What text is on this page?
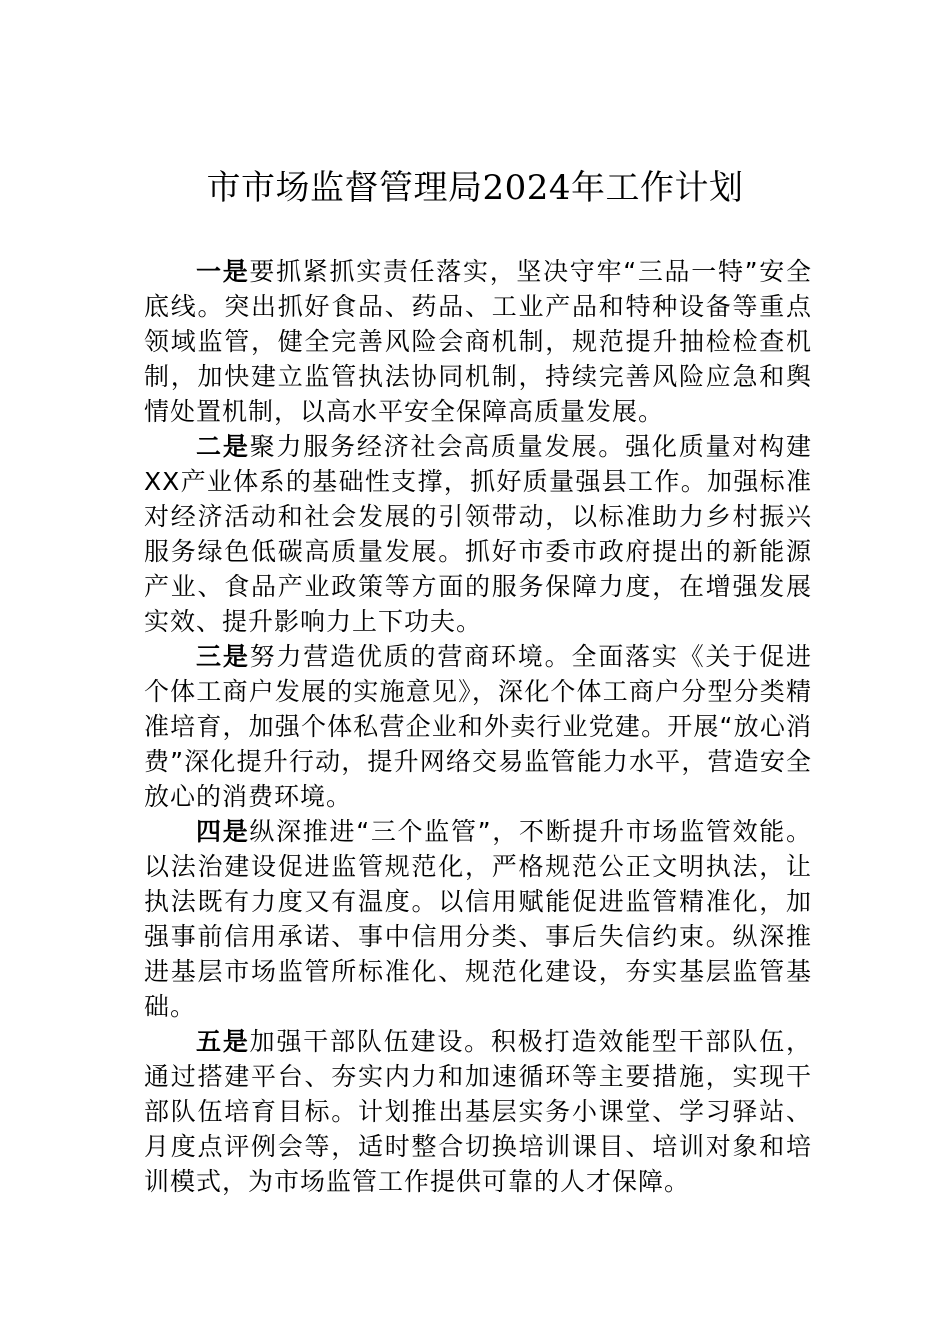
市市场监督管理局2024年工作计划

一是要抓紧抓实责任落实，坚决守牢“三品一特”安全底线。突出抓好食品、药品、工业产品和特种设备等重点领域监管，健全完善风险会商机制，规范提升抽检检查机制，加快建立监管执法协同机制，持续完善风险应急和舆情处置机制，以高水平安全保障高质量发展。

二是聚力服务经济社会高质量发展。强化质量对构建XX产业体系的基础性支撑，抓好质量强县工作。加强标准对经济活动和社会发展的引领带动，以标准助力乡村振兴服务绿色低碳高质量发展。抓好市委市政府提出的新能源产业、食品产业政策等方面的服务保障力度，在增强发展实效、提升影响力上下功夫。

三是努力营造优质的营商环境。全面落实《关于促进个体工商户发展的实施意见》，深化个体工商户分型分类精准培育，加强个体私营企业和外卖行业党建。开展“放心消费”深化提升行动，提升网络交易监管能力水平，营造安全放心的消费环境。

四是纵深推进“三个监管”，不断提升市场监管效能。以法治建设促进监管规范化，严格规范公正文明执法，让执法既有力度又有温度。以信用赋能促进监管精准化，加强事前信用承诺、事中信用分类、事后失信约束。纵深推进基层市场监管所标准化、规范化建设，夯实基层监管基础。

五是加强干部队伍建设。积极打造效能型干部队伍，通过搭建平台、夯实内力和加速循环等主要措施，实现干部队伍培育目标。计划推出基层实务小课堂、学习驿站、月度点评例会等，适时整合切换培训课目、培训对象和培训模式，为市场监管工作提供可靠的人才保障。
